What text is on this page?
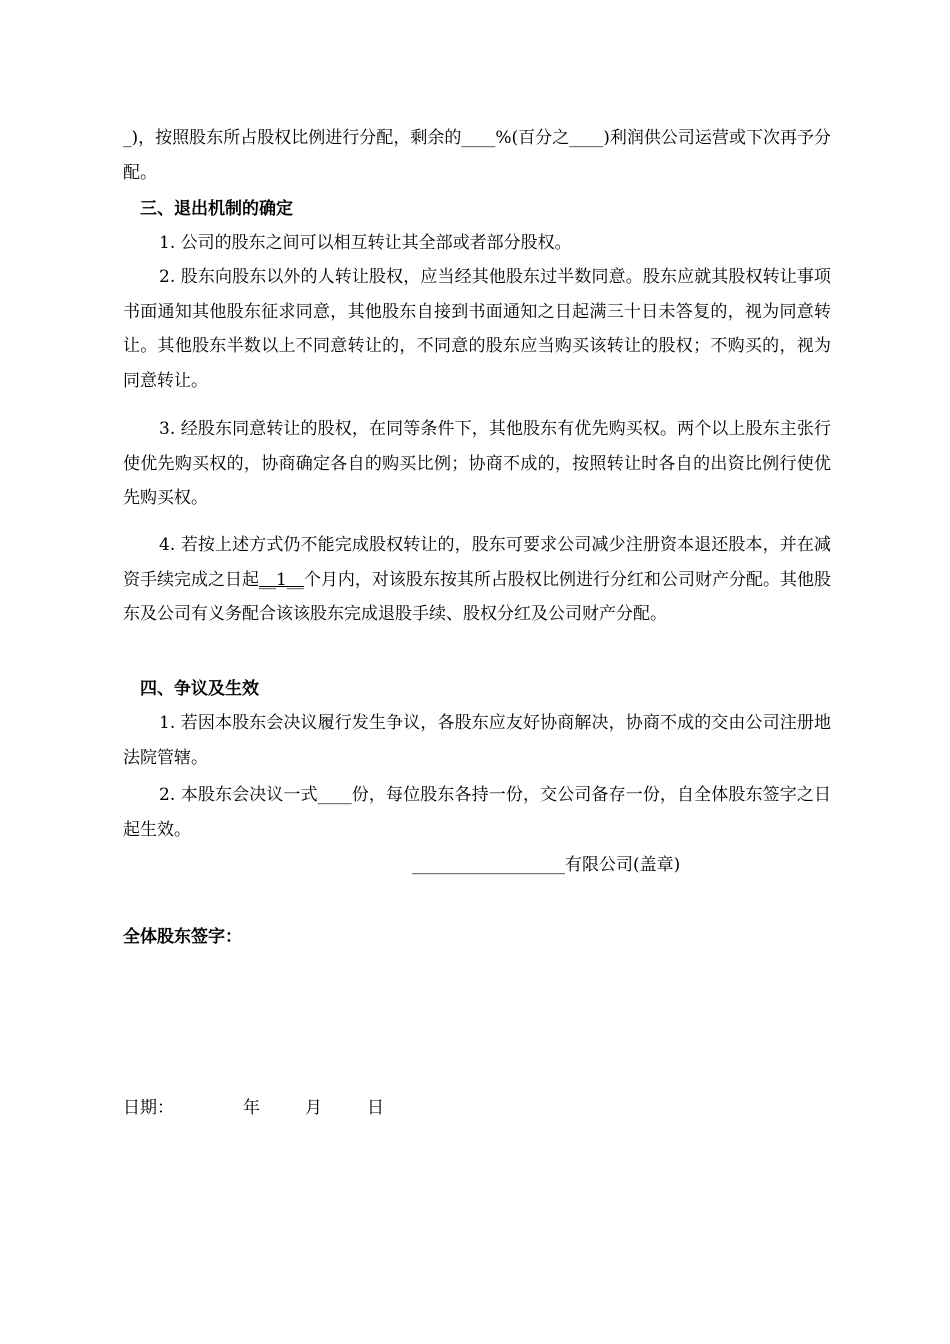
_)，按照股东所占股权比例进行分配，剩余的____%(百分之____)利润供公司运营或下次再予分配。

三、退出机制的确定

1. 公司的股东之间可以相互转让其全部或者部分股权。

2. 股东向股东以外的人转让股权，应当经其他股东过半数同意。股东应就其股权转让事项书面通知其他股东征求同意，其他股东自接到书面通知之日起满三十日未答复的，视为同意转让。其他股东半数以上不同意转让的，不同意的股东应当购买该转让的股权；不购买的，视为同意转让。

3. 经股东同意转让的股权，在同等条件下，其他股东有优先购买权。两个以上股东主张行使优先购买权的，协商确定各自的购买比例；协商不成的，按照转让时各自的出资比例行使优先购买权。

4. 若按上述方式仍不能完成股权转让的，股东可要求公司减少注册资本退还股本，并在减资手续完成之日起__1__个月内，对该股东按其所占股权比例进行分红和公司财产分配。其他股东及公司有义务配合该该股东完成退股手续、股权分红及公司财产分配。

四、争议及生效

1. 若因本股东会决议履行发生争议，各股东应友好协商解决，协商不成的交由公司注册地法院管辖。

2. 本股东会决议一式____份，每位股东各持一份，交公司备存一份，自全体股东签字之日起生效。

__________________有限公司(盖章)
全体股东签字：
日期：	年	月	日
